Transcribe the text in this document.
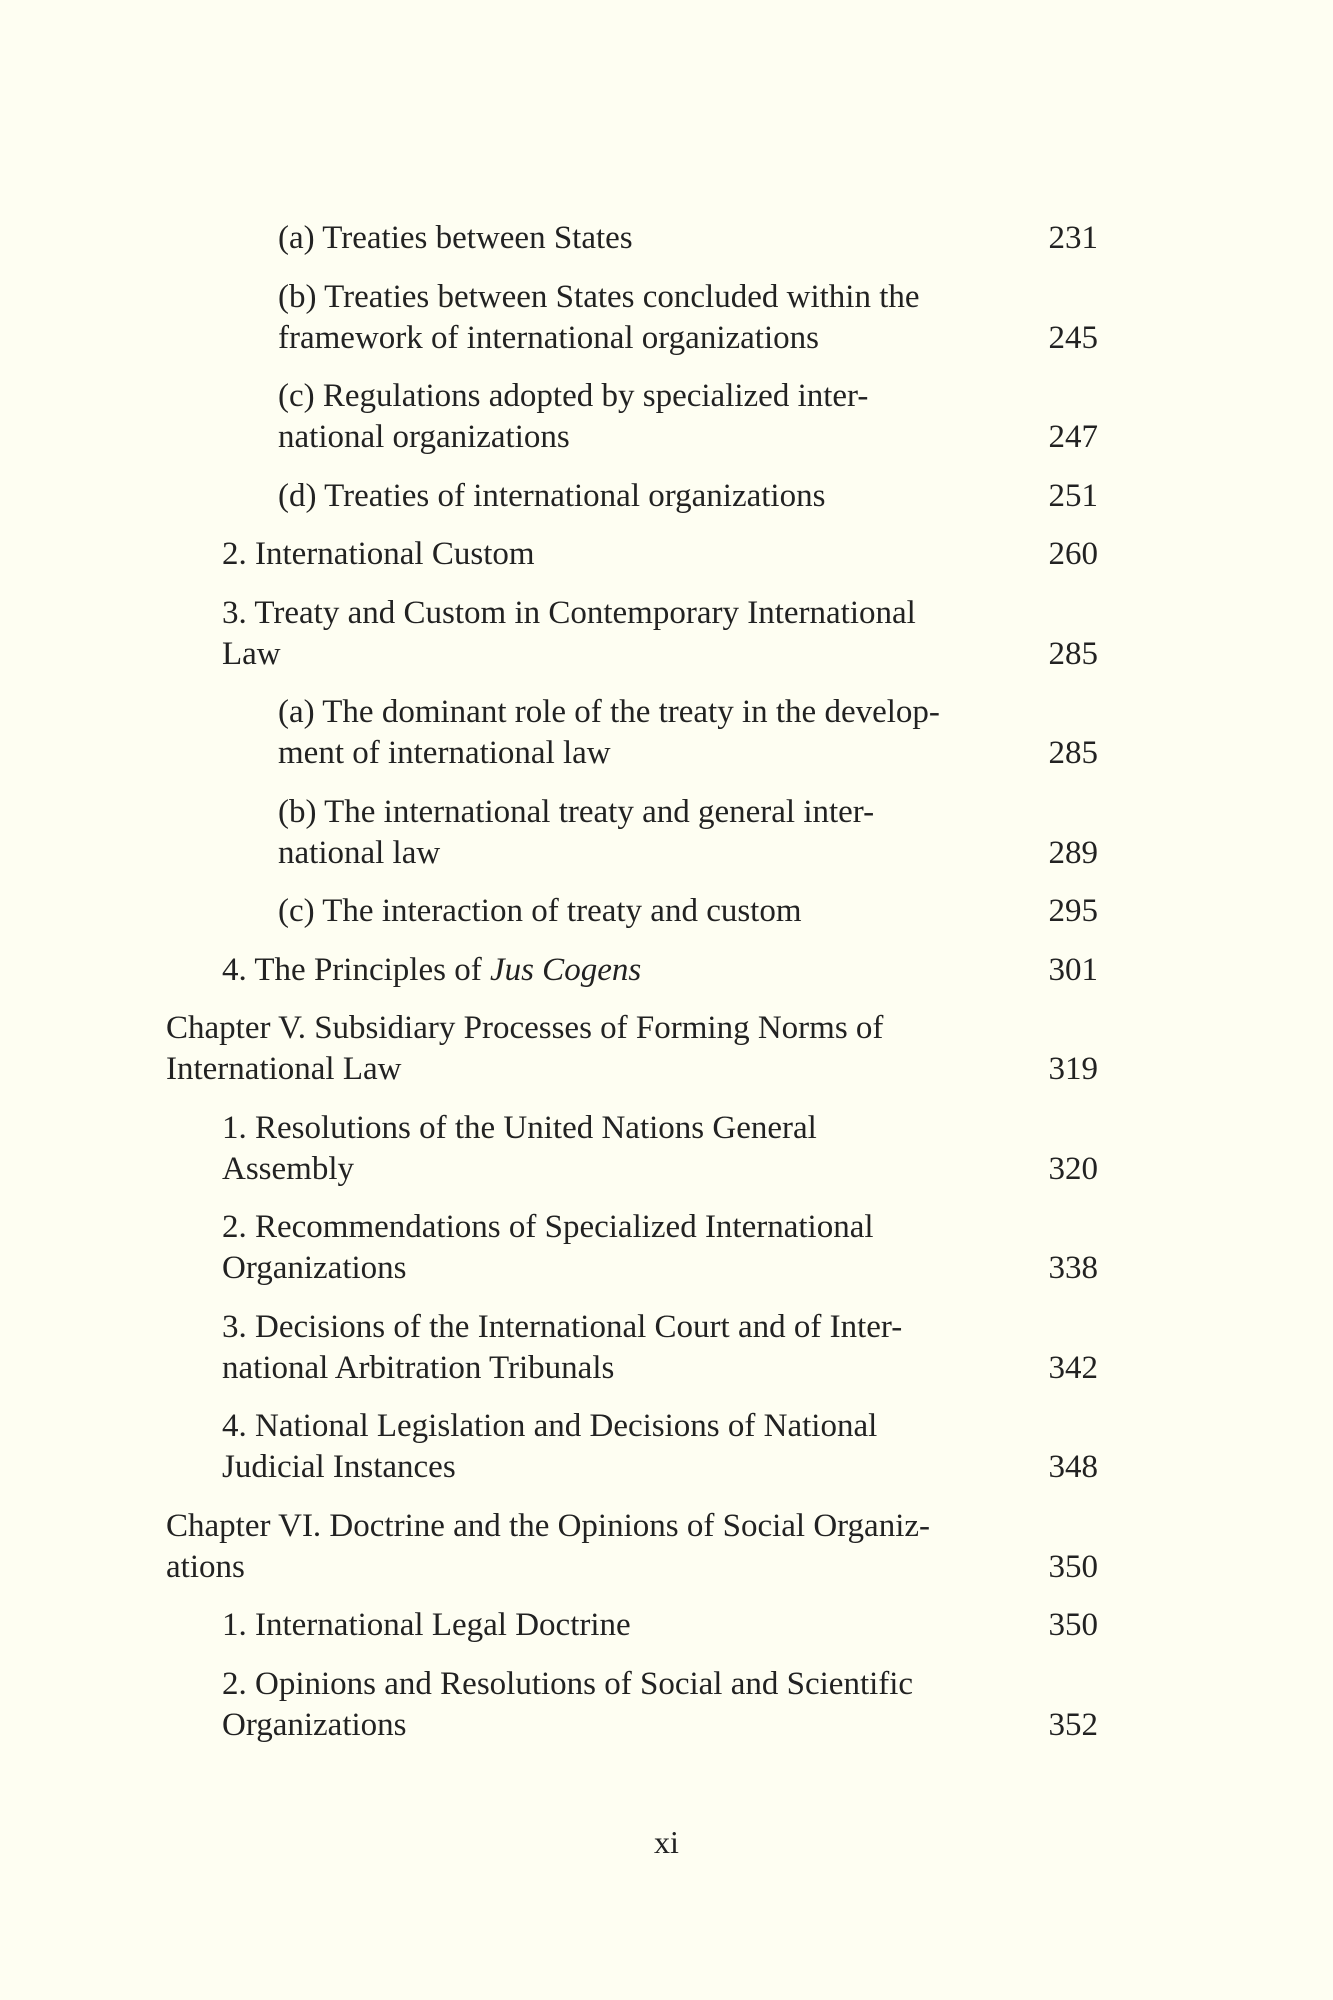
(a) Treaties between States	231
(b) Treaties between States concluded within the
framework of international organizations	245
(c) Regulations adopted by specialized inter-
national organizations	247
(d) Treaties of international organizations	251
2. International Custom	260
3. Treaty and Custom in Contemporary International
Law	285
(a) The dominant role of the treaty in the develop-
ment of international law	285
(b) The international treaty and general inter-
national law	289
(c) The interaction of treaty and custom	295
4. The Principles of Jus Cogens	301
Chapter V. Subsidiary Processes of Forming Norms of
International Law	319
1. Resolutions of the United Nations General
Assembly	320
2. Recommendations of Specialized International
Organizations	338
3. Decisions of the International Court and of Inter-
national Arbitration Tribunals	342
4. National Legislation and Decisions of National
Judicial Instances	348
Chapter VI. Doctrine and the Opinions of Social Organiz-
ations	350
1. International Legal Doctrine	350
2. Opinions and Resolutions of Social and Scientific
Organizations	352
xi
